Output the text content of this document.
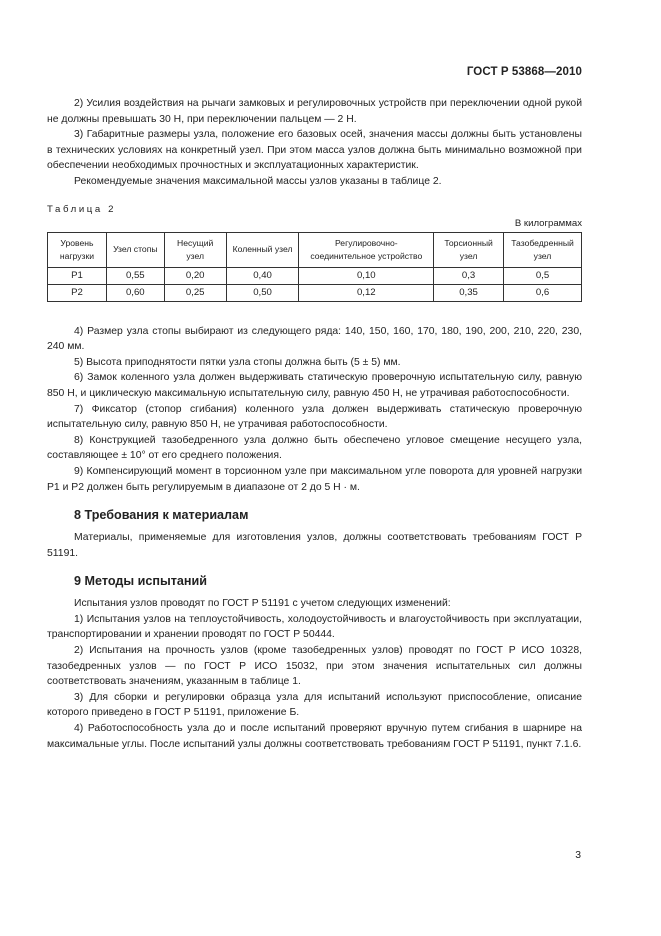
ГОСТ Р 53868—2010

2) Усилия воздействия на рычаги замковых и регулировочных устройств при переключении одной рукой не должны превышать 30 Н, при переключении пальцем — 2 Н.

3) Габаритные размеры узла, положение его базовых осей, значения массы должны быть установлены в технических условиях на конкретный узел. При этом масса узлов должна быть минимально возможной при обеспечении необходимых прочностных и эксплуатационных характеристик.

Рекомендуемые значения максимальной массы узлов указаны в таблице 2.

Таблица 2
В килограммах
Уровень нагрузки	Узел стопы	Несущий узел	Коленный узел	Регулировочно-соединительное устройство	Торсионный узел	Тазобедренный узел
Р1	0,55	0,20	0,40	0,10	0,3	0,5
Р2	0,60	0,25	0,50	0,12	0,35	0,6

4) Размер узла стопы выбирают из следующего ряда: 140, 150, 160, 170, 180, 190, 200, 210, 220, 230, 240 мм.

5) Высота приподнятости пятки узла стопы должна быть (5 ± 5) мм.

6) Замок коленного узла должен выдерживать статическую проверочную испытательную силу, равную 850 Н, и циклическую максимальную испытательную силу, равную 450 Н, не утрачивая работоспособности.

7) Фиксатор (стопор сгибания) коленного узла должен выдерживать статическую проверочную испытательную силу, равную 850 Н, не утрачивая работоспособности.

8) Конструкцией тазобедренного узла должно быть обеспечено угловое смещение несущего узла, составляющее ± 10° от его среднего положения.

9) Компенсирующий момент в торсионном узле при максимальном угле поворота для уровней нагрузки Р1 и Р2 должен быть регулируемым в диапазоне от 2 до 5 Н · м.

8 Требования к материалам

Материалы, применяемые для изготовления узлов, должны соответствовать требованиям ГОСТ Р 51191.

9 Методы испытаний

Испытания узлов проводят по ГОСТ Р 51191 с учетом следующих изменений:

1) Испытания узлов на теплоустойчивость, холодоустойчивость и влагоустойчивость при эксплуатации, транспортировании и хранении проводят по ГОСТ Р 50444.

2) Испытания на прочность узлов (кроме тазобедренных узлов) проводят по ГОСТ Р ИСО 10328, тазобедренных узлов — по ГОСТ Р ИСО 15032, при этом значения испытательных сил должны соответствовать значениям, указанным в таблице 1.

3) Для сборки и регулировки образца узла для испытаний используют приспособление, описание которого приведено в ГОСТ Р 51191, приложение Б.

4) Работоспособность узла до и после испытаний проверяют вручную путем сгибания в шарнире на максимальные углы. После испытаний узлы должны соответствовать требованиям ГОСТ Р 51191, пункт 7.1.6.

3
